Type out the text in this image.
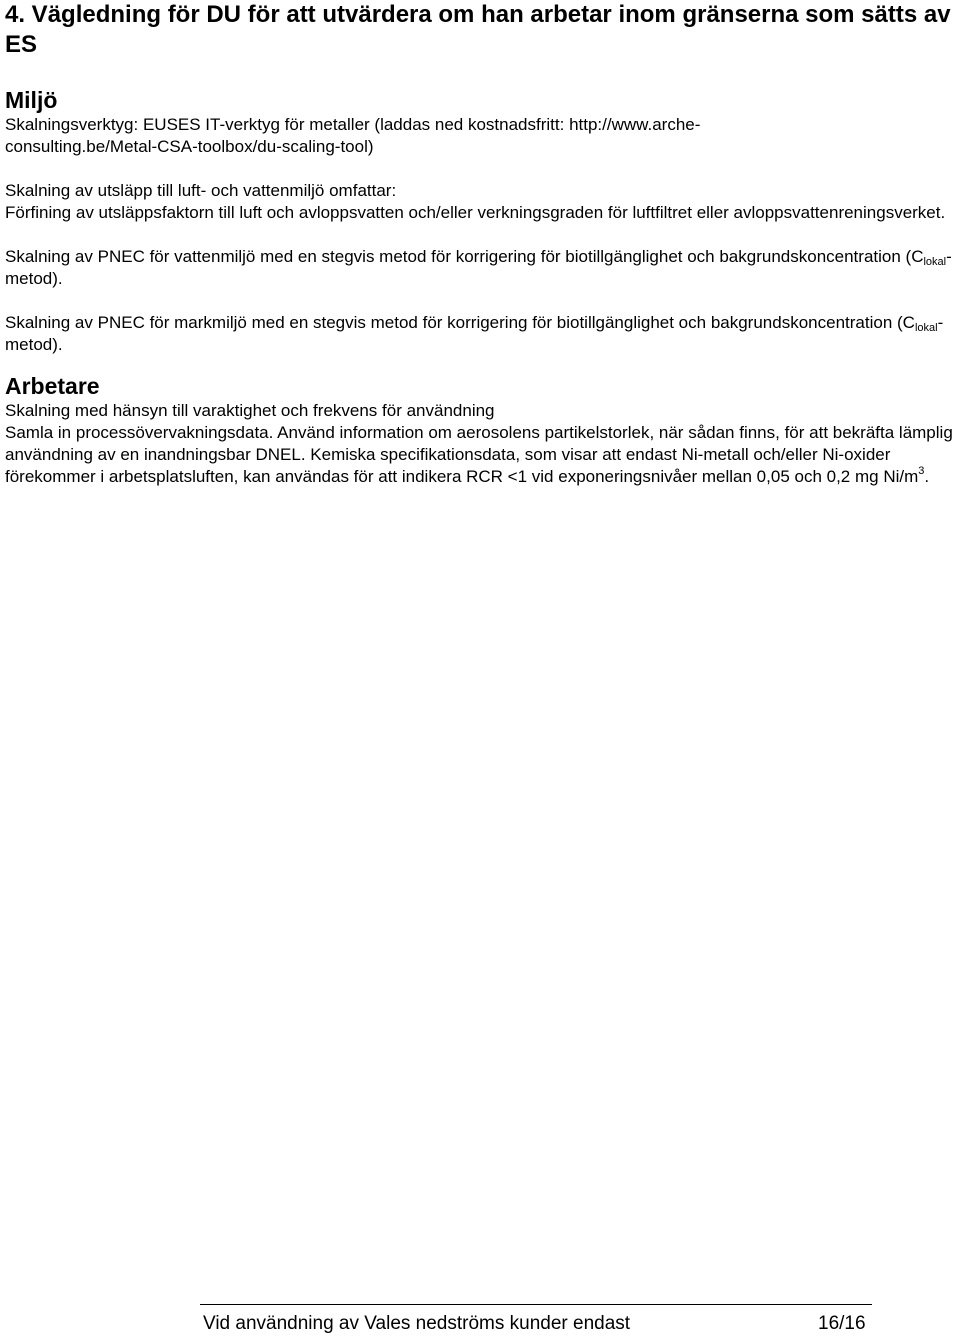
4. Vägledning för DU för att utvärdera om han arbetar inom gränserna som sätts av ES
Miljö

Skalningsverktyg: EUSES IT-verktyg för metaller (laddas ned kostnadsfritt: http://www.arche-

consulting.be/Metal-CSA-toolbox/du-scaling-tool)

Skalning av utsläpp till luft- och vattenmiljö omfattar:

Förfining av utsläppsfaktorn till luft och avloppsvatten och/eller verkningsgraden för luftfiltret eller avloppsvattenreningsverket.

Skalning av PNEC för vattenmiljö med en stegvis metod för korrigering för biotillgänglighet och bakgrundskoncentration $(C_{lokal}-metod)$.

Skalning av PNEC för markmiljö med en stegvis metod för korrigering för biotillgänglighet och bakgrundskoncentration $(C_{lokal}-metod)$.

Arbetare

Skalning med hänsyn till varaktighet och frekvens för användning

Samla in processövervakningsdata. Använd information om aerosolens partikelstorlek, när sådan finns, för att bekräfta lämplig användning av en inandningsbar DNEL. Kemiska specifikationsdata, som visar att endast Ni-metall och/eller Ni-oxider förekommer i arbetsplatsluften, kan användas för att indikera RCR <1 vid exponeringsnivåer mellan 0,05 och 0,2 mg $Ni/m^3$.

Vid användning av Vales nedströms kunder endast	16/16
